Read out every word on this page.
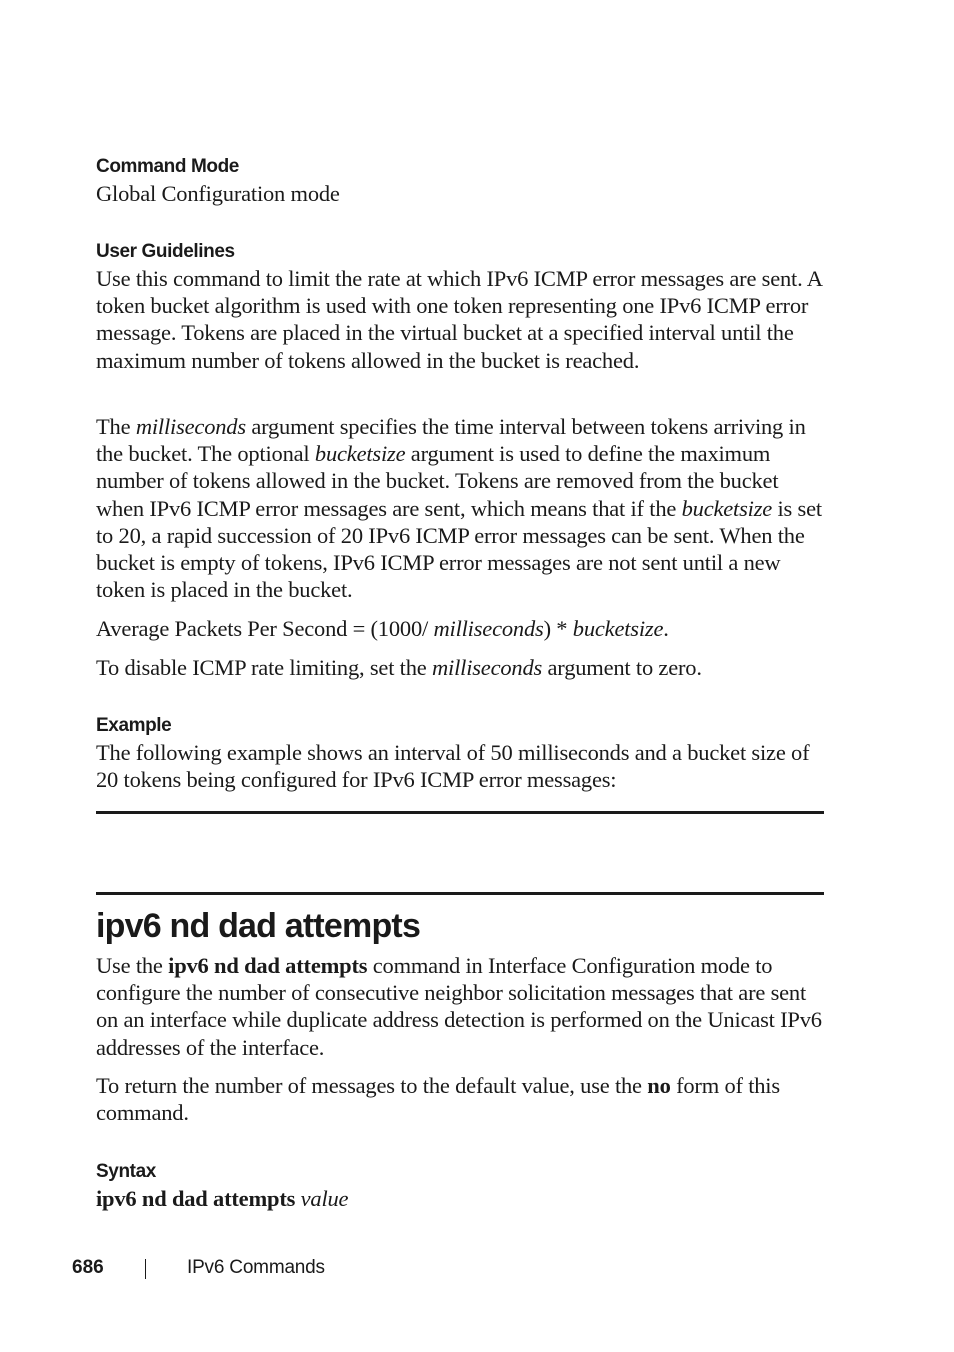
Command Mode

Global Configuration mode

User Guidelines

Use this command to limit the rate at which IPv6 ICMP error messages are sent. A token bucket algorithm is used with one token representing one IPv6 ICMP error message. Tokens are placed in the virtual bucket at a specified interval until the maximum number of tokens allowed in the bucket is reached.

The milliseconds argument specifies the time interval between tokens arriving in the bucket. The optional bucketsize argument is used to define the maximum number of tokens allowed in the bucket. Tokens are removed from the bucket when IPv6 ICMP error messages are sent, which means that if the bucketsize is set to 20, a rapid succession of 20 IPv6 ICMP error messages can be sent. When the bucket is empty of tokens, IPv6 ICMP error messages are not sent until a new token is placed in the bucket.

Average Packets Per Second = (1000/ milliseconds) * bucketsize.

To disable ICMP rate limiting, set the milliseconds argument to zero.

Example

The following example shows an interval of 50 milliseconds and a bucket size of 20 tokens being configured for IPv6 ICMP error messages:

ipv6 nd dad attempts

Use the ipv6 nd dad attempts command in Interface Configuration mode to configure the number of consecutive neighbor solicitation messages that are sent on an interface while duplicate address detection is performed on the Unicast IPv6 addresses of the interface.

To return the number of messages to the default value, use the no form of this command.

Syntax

ipv6 nd dad attempts value

686	IPv6 Commands
